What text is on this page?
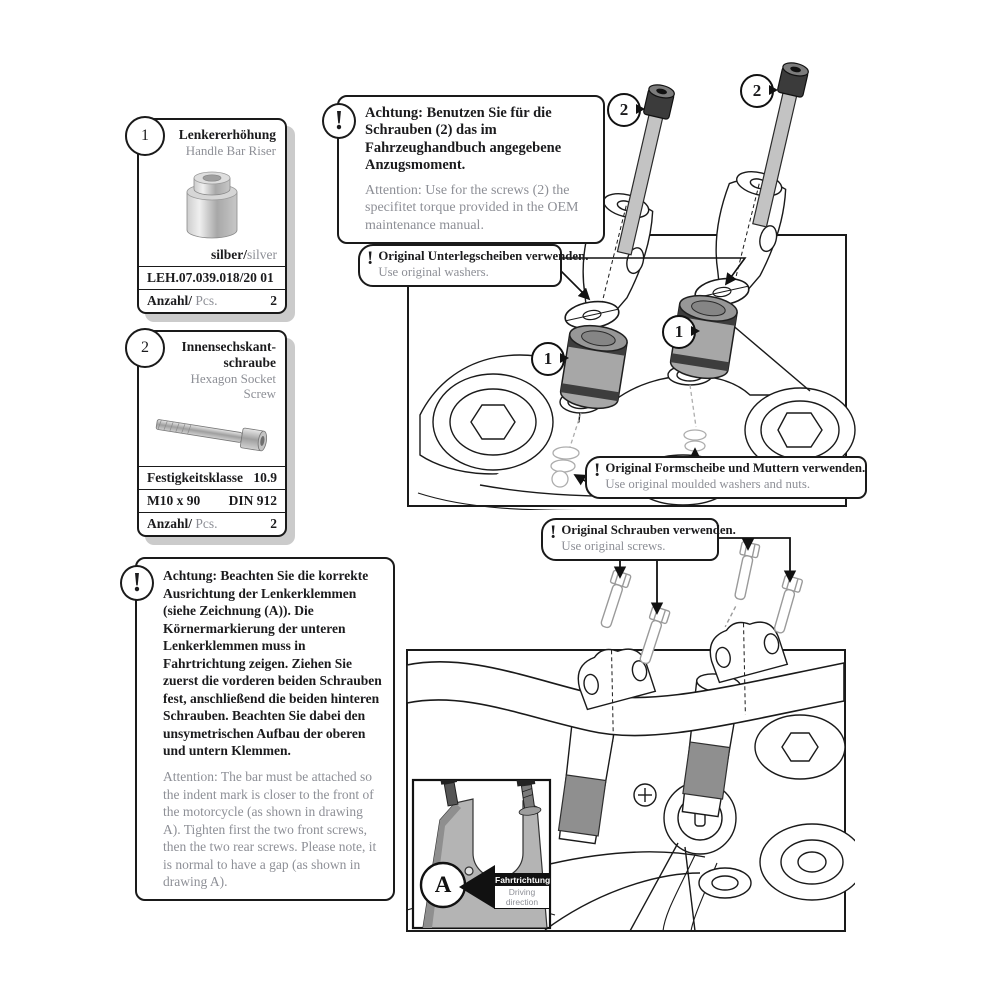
1	Lenkererhöhung
Handle Bar Riser
silber/silver
LEH.07.039.018/20 01
Anzahl/ Pcs.	2
2	Innensechskant-schraube
Hexagon Socket Screw
Festigkeitsklasse 10.9
M10 x 90 DIN 912
Anzahl/ Pcs.	2
! Achtung: Benutzen Sie für die Schrauben (2) das im Fahrzeughandbuch angegebene Anzugsmoment.
Attention: Use for the screws (2) the specifitet torque provided in the OEM maintenance manual.
! Achtung: Beachten Sie die korrekte Ausrichtung der Lenkerklemmen (siehe Zeichnung (A)). Die Körnermarkierung der unteren Lenkerklemmen muss in Fahrtrichtung zeigen. Ziehen Sie zuerst die vorderen beiden Schrauben fest, anschließend die beiden hinteren Schrauben. Beachten Sie dabei den unsymetrischen Aufbau der oberen und untern Klemmen.
Attention: The bar must be attached so the indent mark is closer to the front of the motorcycle (as shown in drawing A). Tighten first the two front screws, then the two rear screws. Please note, it is normal to have a gap (as shown in drawing A).
! Original Unterlegscheiben verwenden.
Use original washers.
! Original Formscheibe und Muttern verwenden.
Use original moulded washers and nuts.
! Original Schrauben verwenden.
Use original screws.
2
2
1
1
A	Fahrtrichtung
Driving direction
